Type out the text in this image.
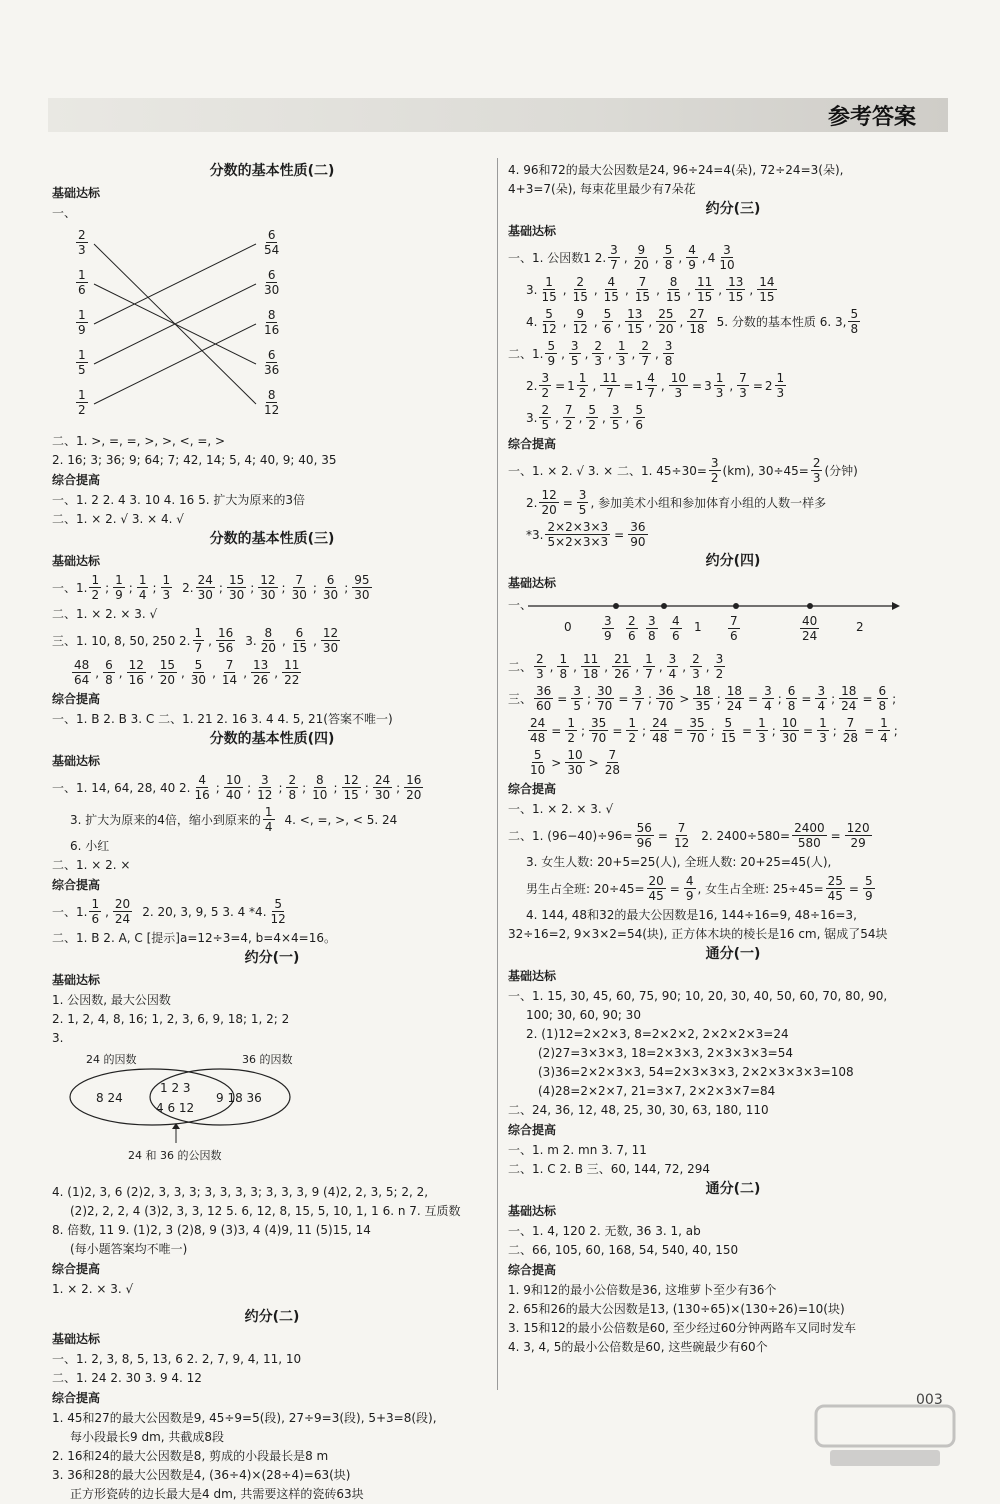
参考答案
分数的基本性质(二)
基础达标
一、
$\frac{2}{3}$
$\frac{1}{6}$
$\frac{1}{9}$
$\frac{1}{5}$
$\frac{1}{2}$
$\frac{6}{54}$
$\frac{6}{30}$
$\frac{8}{16}$
$\frac{6}{36}$
$\frac{8}{12}$
二、1. >, =, =, >, >, <, =, >
2. 16; 3; 36; 9; 64; 7; 42, 14; 5, 4; 40, 9; 40, 35
综合提高
一、1. 2 2. 4 3. 10 4. 16 5. 扩大为原来的3倍
二、1. × 2. √ 3. × 4. √
分数的基本性质(三)
基础达标
一、1. $\frac{1}{2}$ ; $\frac{1}{9}$ ; $\frac{1}{4}$ ; $\frac{1}{3} 2$. $\frac{24}{30}$ ; $\frac{15}{30}$ ; $\frac{12}{30}$ ; $\frac{7}{30}$ ; $\frac{6}{30}$ ; $\frac{95}{30}$
二、1. × 2. × 3. √
三、1. 10, 8, 50, 250 2. $\frac{1}{7}$ , $\frac{16}{56} 3$. $\frac{8}{20}$ , $\frac{6}{15}$ , $\frac{12}{30}$
$\frac{48}{64}$ , $\frac{6}{8}$ , $\frac{12}{16}$ , $\frac{15}{20}$ , $\frac{5}{30}$ , $\frac{7}{14}$ , $\frac{13}{26}$ , $\frac{11}{22}$
综合提高
一、1. B 2. B 3. C 二、1. 21 2. 16 3. 4 4. 5, 21(答案不唯一)
分数的基本性质(四)
基础达标
一、1. 14, 64, 28, 40 2. $\frac{4}{16}$ ; $\frac{10}{40}$ ; $\frac{3}{12}$ ; $\frac{2}{8}$ ; $\frac{8}{10}$ ; $\frac{12}{15}$ ; $\frac{24}{30}$ ; $\frac{16}{20}$
3. 扩大为原来的4倍，缩小到原来的 $\frac{1}{4} 4$. <, =, >, < 5. 24
6. 小红
二、1. × 2. ×
综合提高
一、1. $\frac{1}{6}$ , $\frac{20}{24} 2$. 20, 3, 9, 5 3. 4 *4. $\frac{5}{12}$
二、1. B 2. A, C [提示]a=12÷3=4, b=4×4=16。
约分(一)
基础达标
1. 公因数, 最大公因数
2. 1, 2, 4, 8, 16; 1, 2, 3, 6, 9, 18; 1, 2; 2
3.
24 的因数	36 的因数
8 24
1 2 3
4 6 12
9 18 36
24 和 36 的公因数
4. (1)2, 3, 6 (2)2, 3, 3, 3; 3, 3, 3, 3; 3, 3, 3, 9 (4)2, 2, 3, 5; 2, 2,
(2)2, 2, 2, 4 (3)2, 3, 3, 12 5. 6, 12, 8, 15, 5, 10, 1, 1 6. n 7. 互质数
8. 倍数, 11 9. (1)2, 3 (2)8, 9 (3)3, 4 (4)9, 11 (5)15, 14
(每小题答案均不唯一)
综合提高
1. × 2. × 3. √
约分(二)
基础达标
一、1. 2, 3, 8, 5, 13, 6 2. 2, 7, 9, 4, 11, 10
二、1. 24 2. 30 3. 9 4. 12
综合提高
1. 45和27的最大公因数是9, 45÷9=5(段), 27÷9=3(段), 5+3=8(段),
每小段最长9 dm, 共截成8段
2. 16和24的最大公因数是8, 剪成的小段最长是8 m
3. 36和28的最大公因数是4, (36÷4)×(28÷4)=63(块)
正方形瓷砖的边长最大是4 dm, 共需要这样的瓷砖63块
4. 96和72的最大公因数是24, 96÷24=4(朵), 72÷24=3(朵),
4+3=7(朵), 每束花里最少有7朵花
约分(三)
基础达标
一、1. 公因数1 2. $\frac{3}{7}$ , $\frac{9}{20}$ , $\frac{5}{8}$ , $\frac{4}{9}$ , $4 \frac{3}{10}$
3. $\frac{1}{15}$ , $\frac{2}{15}$ , $\frac{4}{15}$ , $\frac{7}{15}$ , $\frac{8}{15}$ , $\frac{11}{15}$ , $\frac{13}{15}$ , $\frac{14}{15}$
4. $\frac{5}{12}$ , $\frac{9}{12}$ , $\frac{5}{6}$ , $\frac{13}{15}$ , $\frac{25}{20}$ , $\frac{27}{18} 5$. 分数的基本性质 6. 3, $\frac{5}{8}$
二、1. $\frac{5}{9}$ , $\frac{3}{5}$ , $\frac{2}{3}$ , $\frac{1}{3}$ , $\frac{2}{7}$ , $\frac{3}{8}$
2. $\frac{3}{2} = 1 \frac{1}{2}$ , $\frac{11}{7} = 1 \frac{4}{7}$ , $\frac{10}{3} = 3 \frac{1}{3}$ , $\frac{7}{3} = 2 \frac{1}{3}$
3. $\frac{2}{5}$ , $\frac{7}{2}$ , $\frac{5}{2}$ , $\frac{3}{5}$ , $\frac{5}{6}$
综合提高
一、1. × 2. √ 3. × 二、1. $45\div 30= \frac{3}{2} (km)$, $30\div 45= \frac{2}{3}$ (分钟)
2. $\frac{12}{20} = \frac{3}{5}$ , 参加美术小组和参加体育小组的人数一样多
*3. $\frac{2\times 2\times 3\times 3}{5\times 2\times 3\times 3} = \frac{36}{90}$
约分(四)
基础达标
一、
0	$\frac{3}{9} \frac{2}{6} \frac{3}{8} \frac{4}{6} 1 \frac{7}{6}$	$\frac{40}{24}$	2
二、 $\frac{2}{3}$ , $\frac{1}{8}$ , $\frac{11}{18}$ , $\frac{21}{26}$ , $\frac{1}{7}$ , $\frac{3}{4}$ , $\frac{2}{3}$ , $\frac{3}{2}$
三、 $\frac{36}{60} = \frac{3}{5}$ ; $\frac{30}{70} = \frac{3}{7}$ ; $\frac{36}{70} > \frac{18}{35}$ ; $\frac{18}{24} = \frac{3}{4}$ ; $\frac{6}{8} = \frac{3}{4}$ ; $\frac{18}{24} = \frac{6}{8}$ ;
$\frac{24}{48} = \frac{1}{2}$ ; $\frac{35}{70} = \frac{1}{2}$ ; $\frac{24}{48} = \frac{35}{70}$ ; $\frac{5}{15} = \frac{1}{3}$ ; $\frac{10}{30} = \frac{1}{3}$ ; $\frac{7}{28} = \frac{1}{4}$ ;
$\frac{5}{10} > \frac{10}{30} > \frac{7}{28}$
综合提高
一、1. × 2. × 3. √
二、1. $(96-40)\div 96= \frac{56}{96} = \frac{7}{12} 2$. $2400\div 580= \frac{2400}{580} = \frac{120}{29}$
3. 女生人数: 20+5=25(人), 全班人数: 20+25=45(人),
男生占全班: $20\div 45= \frac{20}{45} = \frac{4}{9}$ , 女生占全班: $25\div 45= \frac{25}{45} = \frac{5}{9}$
4. 144, 48和32的最大公因数是16, 144÷16=9, 48÷16=3,
32÷16=2, 9×3×2=54(块), 正方体木块的棱长是16 cm, 锯成了54块
通分(一)
基础达标
一、1. 15, 30, 45, 60, 75, 90; 10, 20, 30, 40, 50, 60, 70, 80, 90,
100; 30, 60, 90; 30
2. (1)12=2×2×3, 8=2×2×2, 2×2×2×3=24
(2)27=3×3×3, 18=2×3×3, 2×3×3×3=54
(3)36=2×2×3×3, 54=2×3×3×3, 2×2×3×3×3=108
(4)28=2×2×7, 21=3×7, 2×2×3×7=84
二、24, 36, 12, 48, 25, 30, 30, 63, 180, 110
综合提高
一、1. m 2. mn 3. 7, 11
二、1. C 2. B 三、60, 144, 72, 294
通分(二)
基础达标
一、1. 4, 120 2. 无数, 36 3. 1, ab
二、66, 105, 60, 168, 54, 540, 40, 150
综合提高
1. 9和12的最小公倍数是36, 这堆萝卜至少有36个
2. 65和26的最大公因数是13, (130÷65)×(130÷26)=10(块)
3. 15和12的最小公倍数是60, 至少经过60分钟两路车又同时发车
4. 3, 4, 5的最小公倍数是60, 这些碗最少有60个
003
